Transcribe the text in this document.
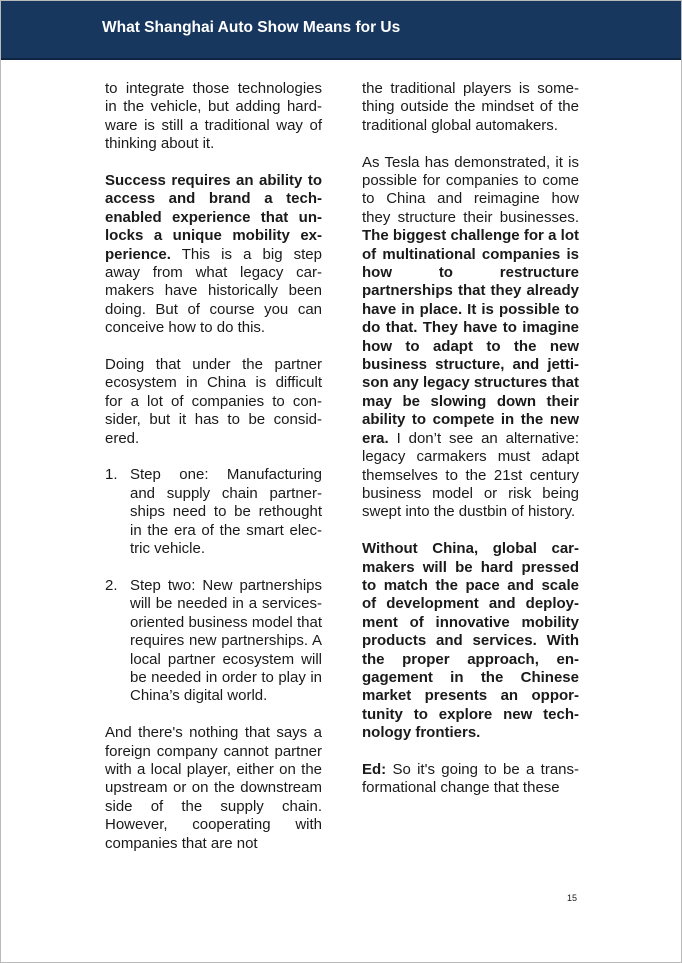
What Shanghai Auto Show Means for Us

to integrate those technologies in the vehicle, but adding hardware is still a traditional way of thinking about it.

Success requires an ability to access and brand a tech-enabled experience that unlocks a unique mobility experience. This is a big step away from what legacy carmakers have historically been doing. But of course you can conceive how to do this.

Doing that under the partner ecosystem in China is difficult for a lot of companies to consider, but it has to be considered.

1. Step one: Manufacturing and supply chain partnerships need to be rethought in the era of the smart electric vehicle.
2. Step two: New partnerships will be needed in a services-oriented business model that requires new partnerships. A local partner ecosystem will be needed in order to play in China’s digital world.

And there's nothing that says a foreign company cannot partner with a local player, either on the upstream or on the downstream side of the supply chain. However, cooperating with companies that are not

the traditional players is something outside the mindset of the traditional global automakers.

As Tesla has demonstrated, it is possible for companies to come to China and reimagine how they structure their businesses. The biggest challenge for a lot of multinational companies is how to restructure partnerships that they already have in place. It is possible to do that. They have to imagine how to adapt to the new business structure, and jettison any legacy structures that may be slowing down their ability to compete in the new era. I don’t see an alternative: legacy carmakers must adapt themselves to the 21st century business model or risk being swept into the dustbin of history.

Without China, global carmakers will be hard pressed to match the pace and scale of development and deployment of innovative mobility products and services. With the proper approach, engagement in the Chinese market presents an opportunity to explore new technology frontiers.

Ed: So it's going to be a transformational change that these

15
